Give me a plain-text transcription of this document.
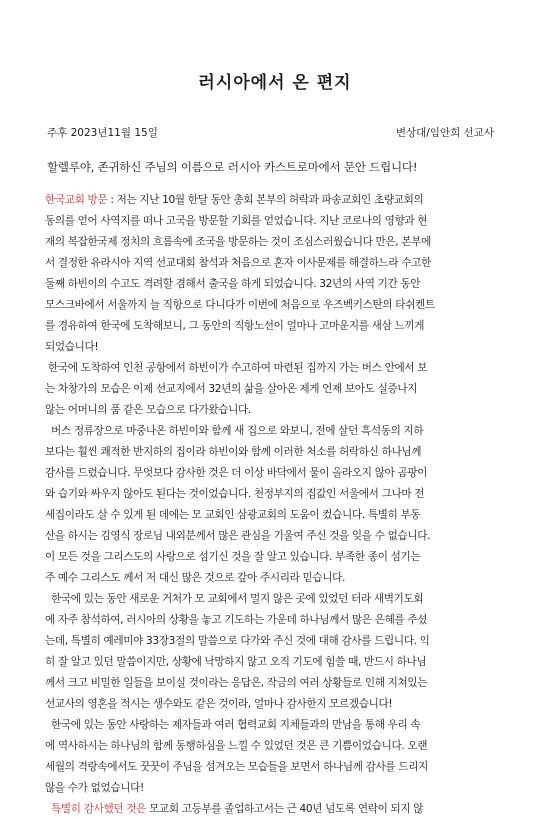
러시아에서 온 편지
주후 2023년11월 15일	변상대/임안희 선교사
할렐루야, 존귀하신 주님의 이름으로 러시아 카스트로마에서 문안 드립니다!
한국교회 방문 : 저는 지난 10월 한달 동안 총회 본부의 허락과 파송교회인 초량교회의
동의를 얻어 사역지를 떠나 고국을 방문할 기회를 얻었습니다. 지난 코로나의 영향과 현
재의 복잡한국제 정치의 흐름속에 조국을 방문하는 것이 조심스러웠습니다 만은, 본부에
서 결정한 유라시아 지역 선교대회 참석과 처음으로 혼자 이사문제를 해결하느라 수고한
둘째 하빈이의 수고도 격려할 겸해서 출국을 하게 되었습니다. 32년의 사역 기간 동안
모스크바에서 서울까지 늘 직항으로 다니다가 이번에 처음으로 우즈벡키스탄의 타쉬켄트
를 경유하여 한국에 도착해보니, 그 동안의 직항노선이 얼마나 고마운지를 새삼 느끼게
되었습니다!
한국에 도착하여 인천 공항에서 하빈이가 수고하여 마련된 집까지 가는 버스 안에서 보
는 차창가의 모습은 이제 선교지에서 32년의 삶을 살아온 제게 언제 보아도 실증나지
않는 어머니의 품 같은 모습으로 다가왔습니다.
버스 정류장으로 마중나온 하빈이와 함께 새 집으로 와보니, 전에 살던 흑석동의 지하
보다는 훨씬 쾌적한 반지하의 집이라 하빈이와 함께 이러한 처소를 허락하신 하나님께
감사를 드렸습니다. 무엇보다 감사한 것은 더 이상 바닥에서 물이 올라오지 않아 곰팡이
와 습기와 싸우지 않아도 된다는 것이었습니다. 천정부지의 집값인 서울에서 그나마 전
세집이라도 살 수 있게 된 데에는 모 교회인 삼광교회의 도움이 컸습니다. 특별히 부동
산을 하시는 김영식 장로님 내외분께서 많은 관심을 기울여 주신 것을 잊을 수 없습니다.
이 모든 것을 그리스도의 사랑으로 섬기신 것을 잘 알고 있습니다. 부족한 종이 섬기는
주 예수 그리스도 께서 저 대신 많은 것으로 갚아 주시리라 믿습니다.
한국에 있는 동안 새로운 거처가 모 교회에서 멀지 않은 곳에 있었던 터라 새벽기도회
에 자주 참석하여, 러시아의 상황을 놓고 기도하는 가운데 하나님께서 많은 은혜를 주셨
는데, 특별히 예레미야 33장3절의 말씀으로 다가와 주신 것에 대해 감사를 드립니다. 익
히 잘 알고 있던 말씀이지만, 상황에 낙망하지 않고 오직 기도에 힘쓸 때, 반드시 하나님
께서 크고 비밀한 일들을 보이실 것이라는 응답은, 작금의 여러 상황들로 인해 지쳐있는
선교사의 영혼을 적시는 생수와도 같은 것이라, 얼마나 감사한지 모르겠습니다!
한국에 있는 동안 사랑하는 제자들과 여러 협력교회 지체들과의 만남을 통해 우리 속
에 역사하시는 하나님의 함께 동행하심을 느낄 수 있었던 것은 큰 기쁨이었습니다. 오랜
세월의 격랑속에서도 꿋꿋이 주님을 섬겨오는 모습들을 보면서 하나님께 감사를 드리지
않을 수가 없었습니다!
특별히 감사했던 것은 모교회 고등부를 졸업하고서는 근 40년 넘도록 연락이 되지 않
